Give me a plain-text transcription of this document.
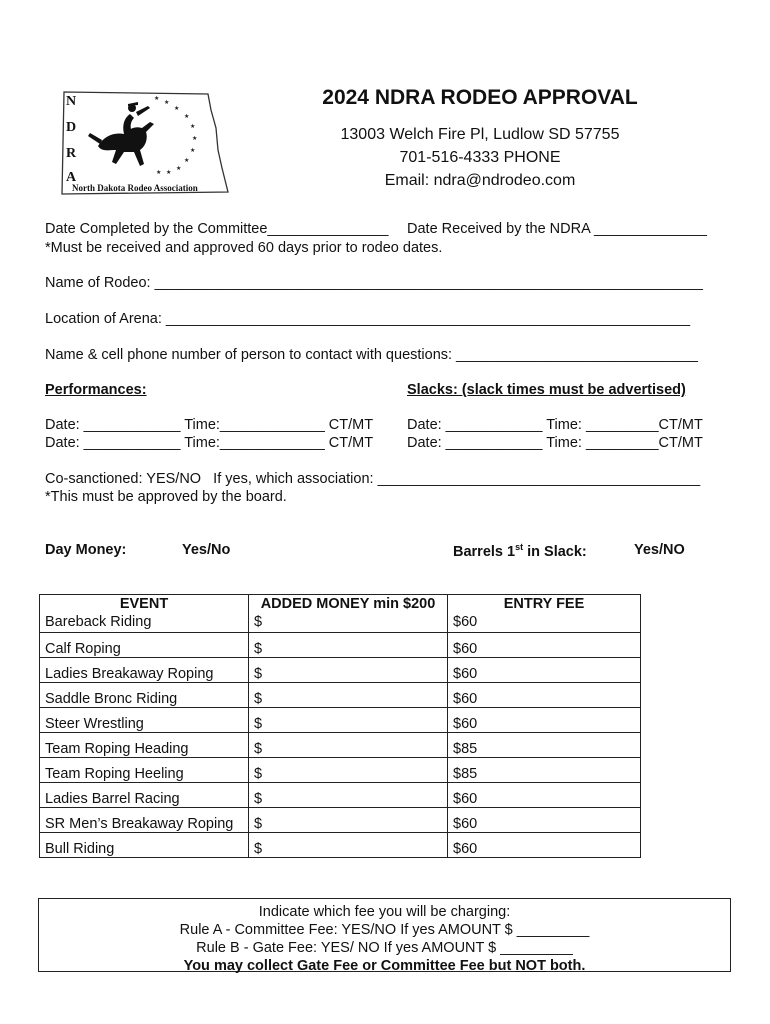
★
★
★
★
★
★
★
★
★
★
★
N
D
R
A
North Dakota Rodeo Association
2024 NDRA RODEO APPROVAL
13003 Welch Fire Pl, Ludlow SD 57755
701-516-4333 PHONE
Email: ndra@ndrodeo.com
Date Completed by the Committee_______________ Date Received by the NDRA ______________
*Must be received and approved 60 days prior to rodeo dates.
Name of Rodeo: ____________________________________________________________________
Location of Arena: _________________________________________________________________
Name & cell phone number of person to contact with questions: ______________________________
Performances:	Slacks: (slack times must be advertised)
Date: ____________ Time:_____________ CT/MT
Date: ____________ Time:_____________ CT/MT
Date: ____________ Time: _________CT/MT
Date: ____________ Time: _________CT/MT
Co-sanctioned: YES/NO   If yes, which association: ________________________________________
*This must be approved by the board.
Day Money:	Yes/No	Barrels 1st in Slack:	Yes/NO
EVENT	ADDED MONEY min $200	ENTRY FEE
Bareback Riding	$	$60
Calf Roping	$	$60
Ladies Breakaway Roping	$	$60
Saddle Bronc Riding	$	$60
Steer Wrestling	$	$60
Team Roping Heading	$	$85
Team Roping Heeling	$	$85
Ladies Barrel Racing	$	$60
SR Men’s Breakaway Roping	$	$60
Bull Riding	$	$60
Indicate which fee you will be charging:
Rule A - Committee Fee: YES/NO If yes AMOUNT $ _________
Rule B - Gate Fee: YES/ NO If yes AMOUNT $ _________
You may collect Gate Fee or Committee Fee but NOT both.
